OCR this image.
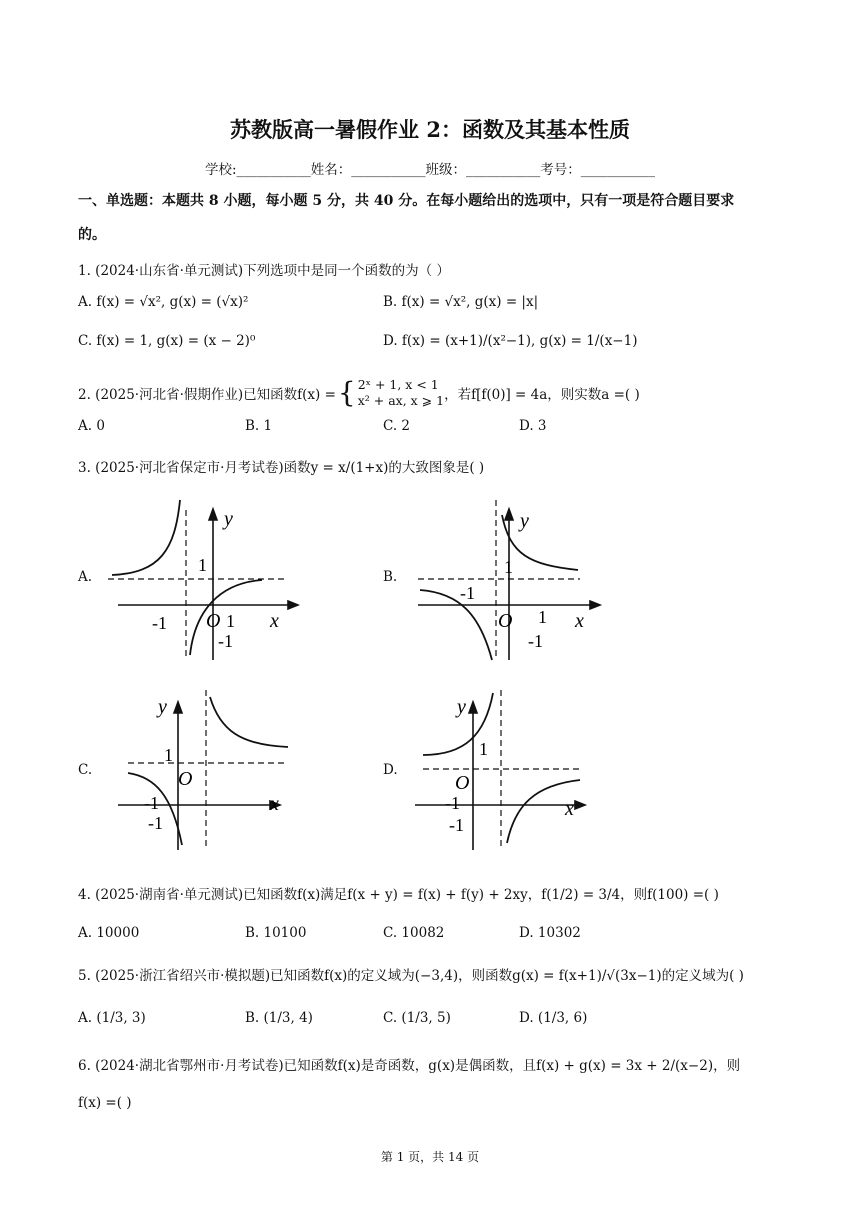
苏教版高一暑假作业 2：函数及其基本性质
学校:___________姓名：___________班级：___________考号：___________
一、单选题：本题共 8 小题，每小题 5 分，共 40 分。在每小题给出的选项中，只有一项是符合题目要求
的。
1. (2024·山东省·单元测试)下列选项中是同一个函数的为（ ）
A. f(x) = √x², g(x) = (√x)²	B. f(x) = √x², g(x) = |x|
C. f(x) = 1, g(x) = (x − 2)⁰	D. f(x) = (x+1)/(x²−1), g(x) = 1/(x−1)
2. (2025·河北省·假期作业)已知函数f(x) = { 2ˣ + 1, x < 1
x² + ax, x ⩾ 1 ，若f[f(0)] = 4a，则实数a =( )
A. 0	B. 1	C. 2	D. 3
3. (2025·河北省保定市·月考试卷)函数y = x/(1+x)的大致图象是( )
A.	B.
C.	D.
y
x
1
-1 O 1
-1
y
x
1
-1
O 1
-1
y
x
1
-1
O
-1
y
x
1
-1
O
-1
4. (2025·湖南省·单元测试)已知函数f(x)满足f(x + y) = f(x) + f(y) + 2xy，f(1/2) = 3/4，则f(100) =( )
A. 10000	B. 10100	C. 10082	D. 10302
5. (2025·浙江省绍兴市·模拟题)已知函数f(x)的定义域为(−3,4)，则函数g(x) = f(x+1)/√(3x−1)的定义域为( )
A. (1/3, 3)	B. (1/3, 4)	C. (1/3, 5)	D. (1/3, 6)
6. (2024·湖北省鄂州市·月考试卷)已知函数f(x)是奇函数，g(x)是偶函数，且f(x) + g(x) = 3x + 2/(x−2)，则
f(x) =( )
第 1 页，共 14 页
